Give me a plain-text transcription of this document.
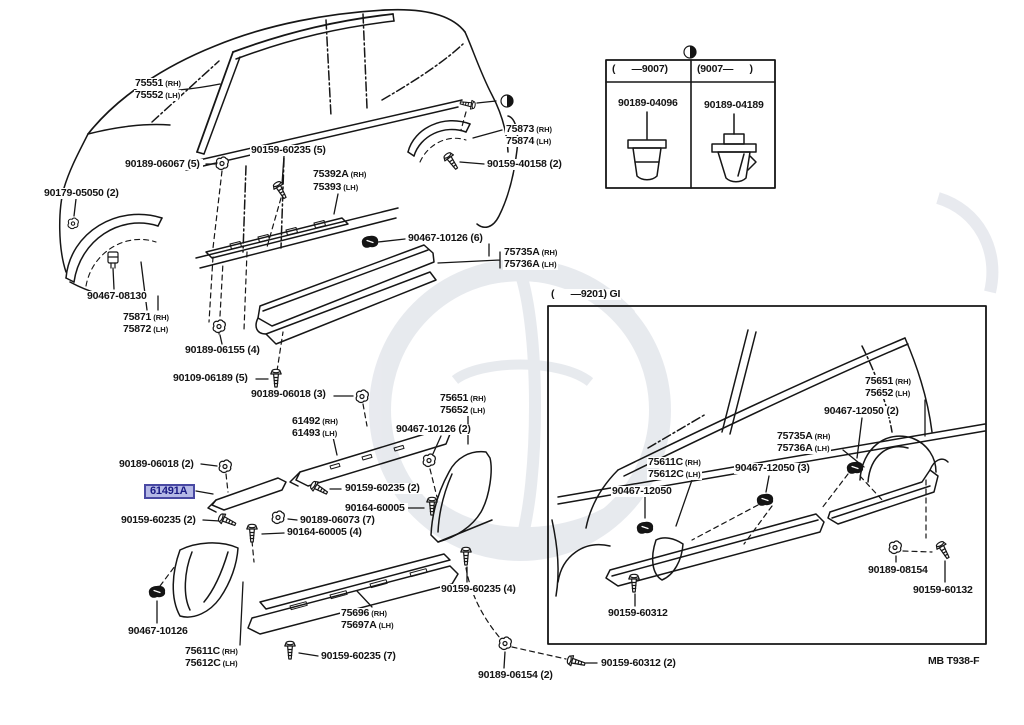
(      —9007)	(9007—      )
90189-04096	90189-04189
(      —9201) GI
MB T938-F
75551 (RH)
75552 (LH)
90159-60235 (5)
90189-06067 (5)
75392A (RH)
75393 (LH)
90179-05050 (2)
75873 (RH)
75874 (LH)
90159-40158 (2)
90467-10126 (6)
75735A (RH)
75736A (LH)
90467-08130
75871 (RH)
75872 (LH)
90189-06155 (4)
90109-06189 (5)
90189-06018 (3)
61492 (RH)
61493 (LH)
75651 (RH)
75652 (LH)
90467-10126 (2)
90189-06018 (2)
61491A
90159-60235 (2)
90159-60235 (2)
90164-60005
90189-06073 (7)
90164-60005 (4)
90467-10126
75611C (RH)
75612C (LH)
75696 (RH)
75697A (LH)
90159-60235 (7)
90159-60235 (4)
90189-06154 (2)
90159-60312 (2)
75651 (RH)
75652 (LH)
90467-12050 (2)
75735A (RH)
75736A (LH)
75611C (RH)
75612C (LH)
90467-12050 (3)
90467-12050
90189-08154
90159-60132
90159-60312
